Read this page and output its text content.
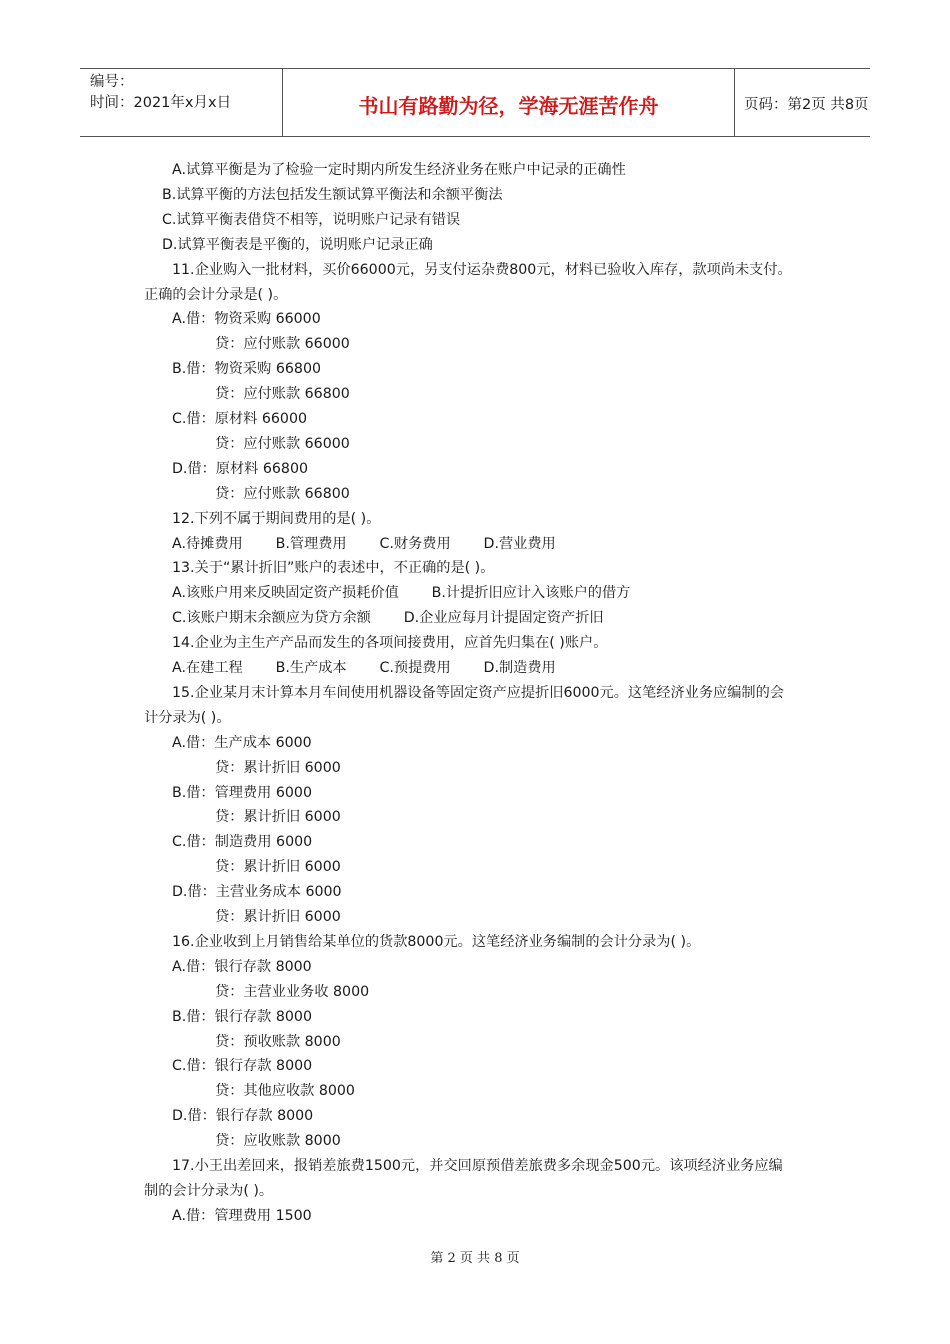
编号：
时间：2021年x月x日	书山有路勤为径，学海无涯苦作舟	页码：第2页 共8页
A.试算平衡是为了检验一定时期内所发生经济业务在账户中记录的正确性
B.试算平衡的方法包括发生额试算平衡法和余额平衡法
C.试算平衡表借贷不相等，说明账户记录有错误
D.试算平衡表是平衡的，说明账户记录正确
11.企业购入一批材料，买价66000元，另支付运杂费800元，材料已验收入库存，款项尚未支付。
正确的会计分录是( )。
A.借：物资采购 66000
贷：应付账款 66000
B.借：物资采购 66800
贷：应付账款 66800
C.借：原材料 66000
贷：应付账款 66000
D.借：原材料 66800
贷：应付账款 66800
12.下列不属于期间费用的是( )。
A.待摊费用　　 B.管理费用　　 C.财务费用　　 D.营业费用
13.关于“累计折旧”账户的表述中，不正确的是( )。
A.该账户用来反映固定资产损耗价值　　 B.计提折旧应计入该账户的借方
C.该账户期末余额应为贷方余额　　 D.企业应每月计提固定资产折旧
14.企业为主生产产品而发生的各项间接费用，应首先归集在( )账户。
A.在建工程　　 B.生产成本　　 C.预提费用　　 D.制造费用
15.企业某月末计算本月车间使用机器设备等固定资产应提折旧6000元。这笔经济业务应编制的会
计分录为( )。
A.借：生产成本 6000
贷：累计折旧 6000
B.借：管理费用 6000
贷：累计折旧 6000
C.借：制造费用 6000
贷：累计折旧 6000
D.借：主营业务成本 6000
贷：累计折旧 6000
16.企业收到上月销售给某单位的货款8000元。这笔经济业务编制的会计分录为( )。
A.借：银行存款 8000
贷：主营业业务收 8000
B.借：银行存款 8000
贷：预收账款 8000
C.借：银行存款 8000
贷：其他应收款 8000
D.借：银行存款 8000
贷：应收账款 8000
17.小王出差回来，报销差旅费1500元，并交回原预借差旅费多余现金500元。该项经济业务应编
制的会计分录为( )。
A.借：管理费用 1500
第 2 页 共 8 页
